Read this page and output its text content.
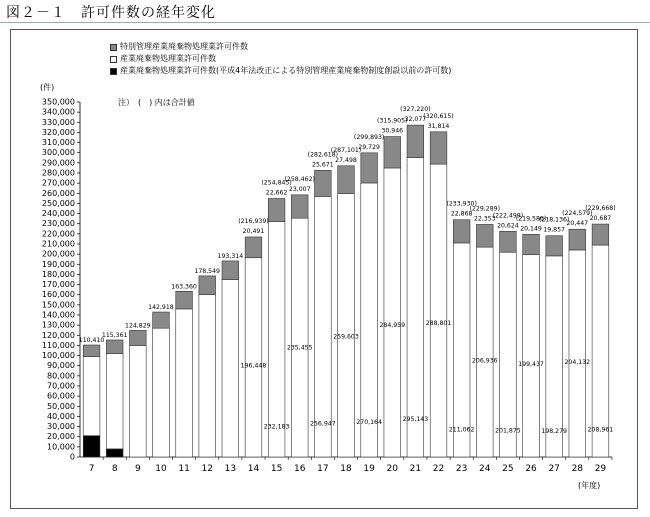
図２－１　許可件数の経年変化
特別管理産業廃棄物処理業許可件数
産業廃棄物処理業許可件数
産業廃棄物処理業許可件数(平成4年法改正による特別管理産業廃棄物制度創設以前の許可数)
(件)
注）　(　) 内は合計値
(年度)
0
10,000
20,000
30,000
40,000
50,000
60,000
70,000
80,000
90,000
100,000
110,000
120,000
130,000
140,000
150,000
160,000
170,000
180,000
190,000
200,000
210,000
220,000
230,000
240,000
250,000
260,000
270,000
280,000
290,000
300,000
310,000
320,000
330,000
340,000
350,000
7
110,410
8
115,361
9
124,829
10
142,918
11
163,360
12
178,549
13
193,314
14
(216,939)
20,491
196,448
15
(254,845)
22,662
232,183
16
(258,462)
23,007
235,455
17
(282,618)
25,671
256,947
18
(287,101)
27,498
259,603
19
(299,893)
29,729
270,164
20
(315,905)
30,946
284,959
21
(327,220)
32,077
295,143
22
(320,615)
31,814
288,801
23
(233,930)
22,868
211,062
24
(229,289)
22,353
206,936
25
(222,499)
20,624
201,875
26
(219,586)
20,149
199,437
27
(218,136)
19,857
198,279
28
(224,579)
20,447
204,132
29
(229,668)
20,687
208,961
